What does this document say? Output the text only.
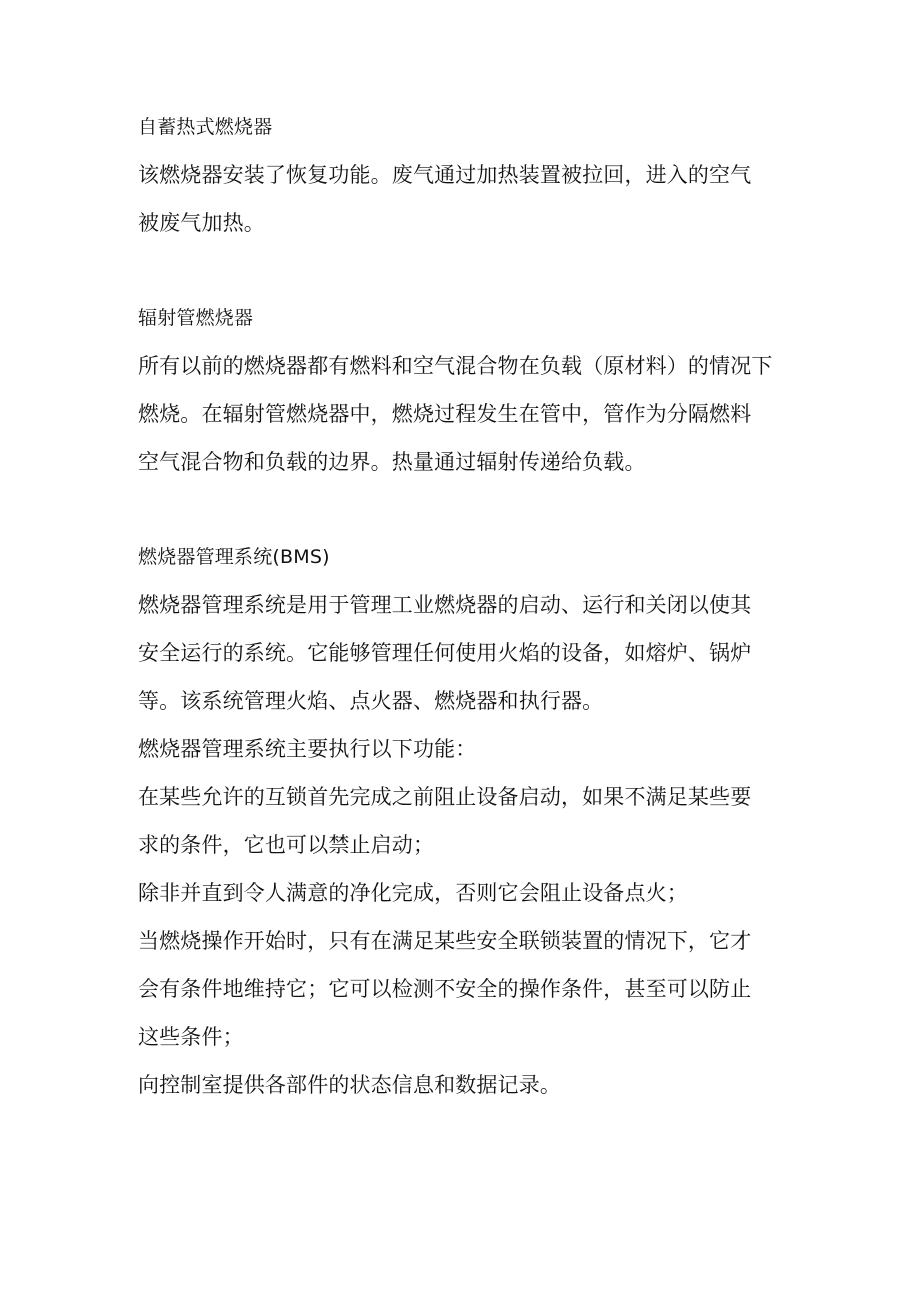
自蓄热式燃烧器
该燃烧器安装了恢复功能。废气通过加热装置被拉回，进入的空气
被废气加热。
辐射管燃烧器
所有以前的燃烧器都有燃料和空气混合物在负载（原材料）的情况下
燃烧。在辐射管燃烧器中，燃烧过程发生在管中，管作为分隔燃料
空气混合物和负载的边界。热量通过辐射传递给负载。
燃烧器管理系统(BMS)
燃烧器管理系统是用于管理工业燃烧器的启动、运行和关闭以使其
安全运行的系统。它能够管理任何使用火焰的设备，如熔炉、锅炉
等。该系统管理火焰、点火器、燃烧器和执行器。
燃烧器管理系统主要执行以下功能：
在某些允许的互锁首先完成之前阻止设备启动，如果不满足某些要
求的条件，它也可以禁止启动；
除非并直到令人满意的净化完成，否则它会阻止设备点火；
当燃烧操作开始时，只有在满足某些安全联锁装置的情况下，它才
会有条件地维持它；它可以检测不安全的操作条件，甚至可以防止
这些条件；
向控制室提供各部件的状态信息和数据记录。
